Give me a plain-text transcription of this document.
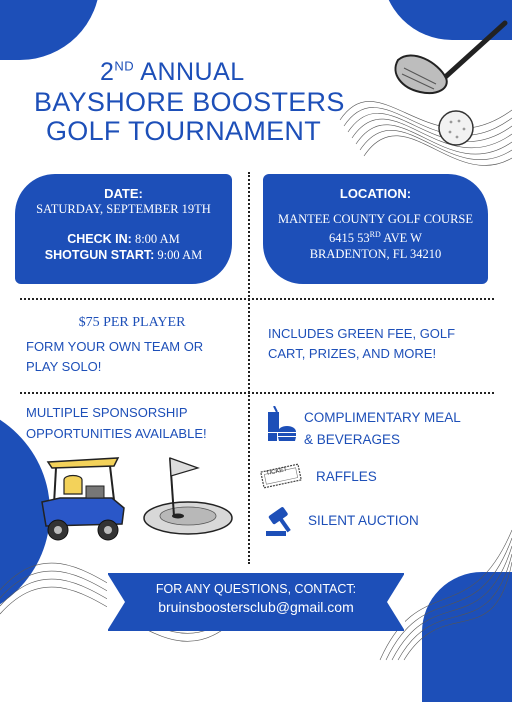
2ND ANNUAL
BAYSHORE BOOSTERS
GOLF TOURNAMENT
DATE:
SATURDAY, SEPTEMBER 19TH
CHECK IN: 8:00 AM
SHOTGUN START: 9:00 AM
LOCATION:
MANTEE COUNTY GOLF COURSE
6415 53RD AVE W
BRADENTON, FL 34210
$75 PER PLAYER
FORM YOUR OWN TEAM OR
PLAY SOLO!
INCLUDES GREEN FEE, GOLF
CART, PRIZES, AND MORE!
MULTIPLE SPONSORSHIP
OPPORTUNITIES AVAILABLE!
COMPLIMENTARY MEAL
& BEVERAGES
TICKET RAFFLES
SILENT AUCTION
FOR ANY QUESTIONS, CONTACT:
bruinsboostersclub@gmail.com
